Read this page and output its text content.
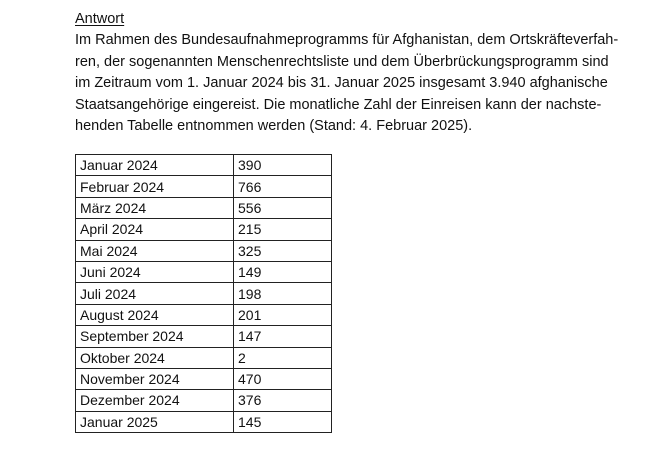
Antwort

Im Rahmen des Bundesaufnahmeprogramms für Afghanistan, dem Ortskräfteverfah-
ren, der sogenannten Menschenrechtsliste und dem Überbrückungsprogramm sind
im Zeitraum vom 1. Januar 2024 bis 31. Januar 2025 insgesamt 3.940 afghanische
Staatsangehörige eingereist. Die monatliche Zahl der Einreisen kann der nachste-
henden Tabelle entnommen werden (Stand: 4. Februar 2025).

Januar 2024	390
Februar 2024	766
März 2024	556
April 2024	215
Mai 2024	325
Juni 2024	149
Juli 2024	198
August 2024	201
September 2024	147
Oktober 2024	2
November 2024	470
Dezember 2024	376
Januar 2025	145
